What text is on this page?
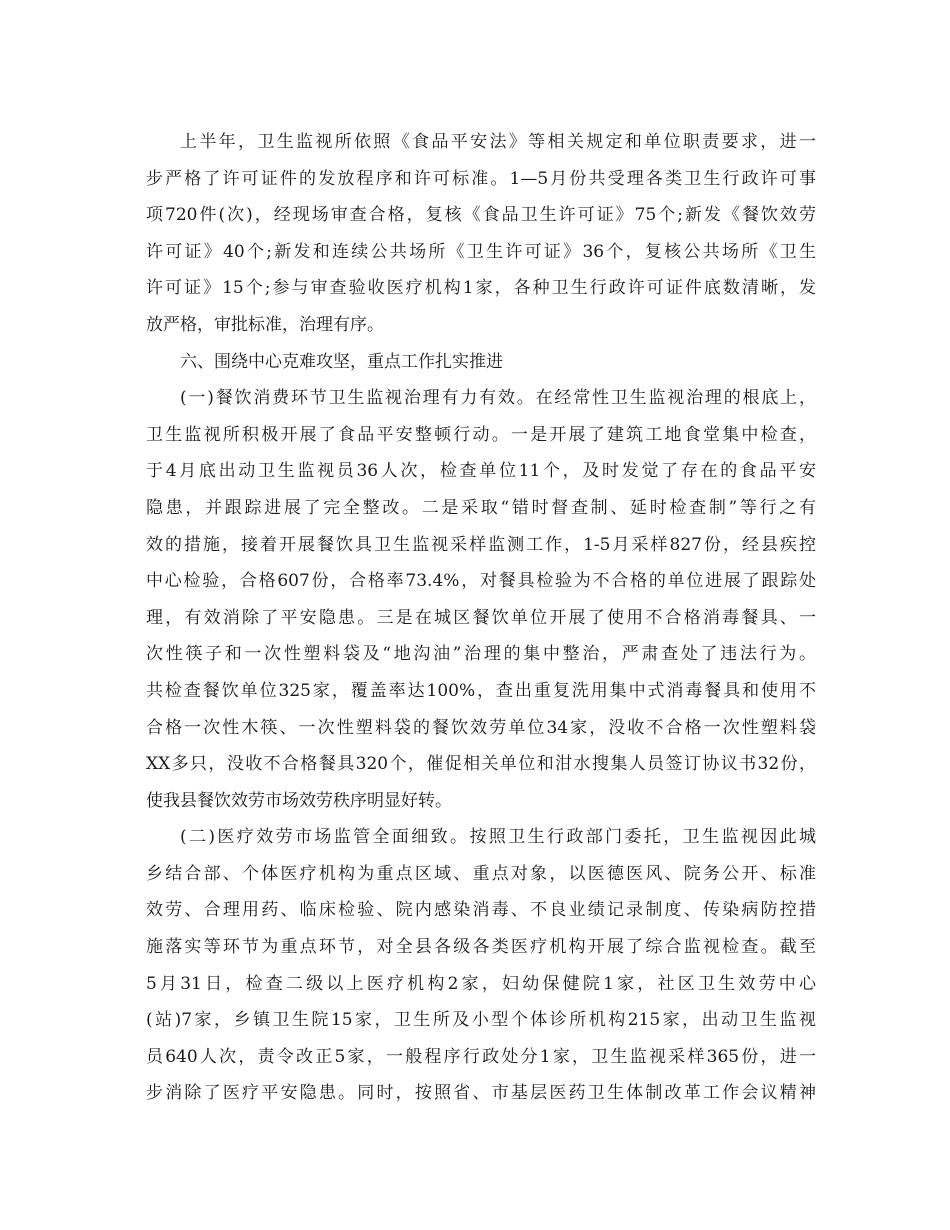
上半年，卫生监视所依照《食品平安法》等相关规定和单位职责要求，进一
步严格了许可证件的发放程序和许可标准。1—5月份共受理各类卫生行政许可事
项720件(次)，经现场审查合格，复核《食品卫生许可证》75个;新发《餐饮效劳
许可证》40个;新发和连续公共场所《卫生许可证》36个，复核公共场所《卫生
许可证》15个;参与审查验收医疗机构1家，各种卫生行政许可证件底数清晰，发
放严格，审批标准，治理有序。
六、围绕中心克难攻坚，重点工作扎实推进
(一)餐饮消费环节卫生监视治理有力有效。在经常性卫生监视治理的根底上，
卫生监视所积极开展了食品平安整顿行动。一是开展了建筑工地食堂集中检查，
于4月底出动卫生监视员36人次，检查单位11个，及时发觉了存在的食品平安
隐患，并跟踪进展了完全整改。二是采取“错时督查制、延时检查制”等行之有
效的措施，接着开展餐饮具卫生监视采样监测工作，1-5月采样827份，经县疾控
中心检验，合格607份，合格率73.4%，对餐具检验为不合格的单位进展了跟踪处
理，有效消除了平安隐患。三是在城区餐饮单位开展了使用不合格消毒餐具、一
次性筷子和一次性塑料袋及“地沟油”治理的集中整治，严肃查处了违法行为。
共检查餐饮单位325家，覆盖率达100%，查出重复洗用集中式消毒餐具和使用不
合格一次性木筷、一次性塑料袋的餐饮效劳单位34家，没收不合格一次性塑料袋
XX多只，没收不合格餐具320个，催促相关单位和泔水搜集人员签订协议书32份，
使我县餐饮效劳市场效劳秩序明显好转。
(二)医疗效劳市场监管全面细致。按照卫生行政部门委托，卫生监视因此城
乡结合部、个体医疗机构为重点区域、重点对象，以医德医风、院务公开、标准
效劳、合理用药、临床检验、院内感染消毒、不良业绩记录制度、传染病防控措
施落实等环节为重点环节，对全县各级各类医疗机构开展了综合监视检查。截至
5月31日，检查二级以上医疗机构2家，妇幼保健院1家，社区卫生效劳中心
(站)7家，乡镇卫生院15家，卫生所及小型个体诊所机构215家，出动卫生监视
员640人次，责令改正5家，一般程序行政处分1家，卫生监视采样365份，进一
步消除了医疗平安隐患。同时，按照省、市基层医药卫生体制改革工作会议精神
